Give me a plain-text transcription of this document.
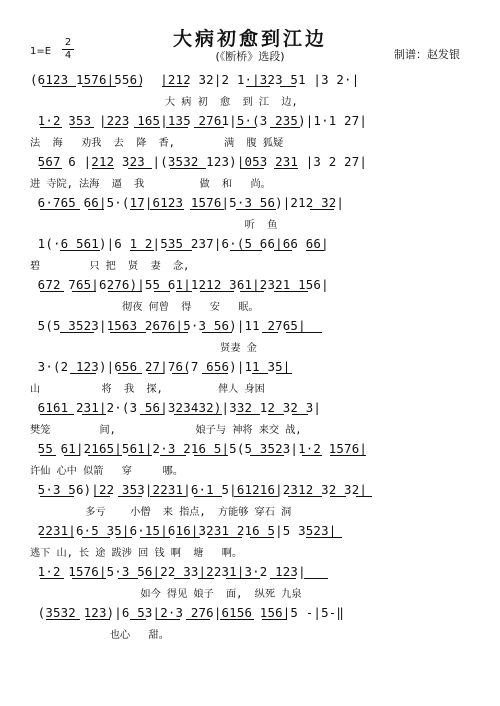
大病初愈到江边
(《断桥》选段)
1=E
2
4	制谱：赵发银
(6123 1576|556)  |212 32|2 1·|323 51 |3 2·|
大 病 初  愈  到 江  边,
1·2 353 |223 165|135 2761|5·(3 235)|1·1 27|
法  海   劝我  去  降  香,        满  腹 狐疑
567 6 |212 323 |(3532 123)|053 231 |3 2 27|
进 寺院, 法海  逼  我         做  和   尚。
6·765 66|5·(17|6123 1576|5·3 56)|212 32|
听  鱼
1(·6 561)|6 1 2|535 237|6·(5 66|66 66|
碧        只 把  贤  妻  念,
672 765|6276)|55 61|1212 361|2321 156|
彻夜 何曾  得   安   眠。
5(5 3523|1563 2676|5·3 56)|11 2765|
贤妻 金
3·(2 123)|656 27|76(7 656)|11 35|
山          将  我  探,         俾人 身困
6161 231|2·(3 56|323432)|332 12 32 3|
樊笼        间,             娘子与 神将 来交 战,
55 61|2165|561|2·3 216 5|5(5 3523|1·2 1576|
许仙 心中 似箭   穿     哪。
5·3 56)|22 353|2231|6·1 5|61216|2312 32 32|
多亏    小僧  来 指点,  方能够 穿石 洞
2231|6·5 35|6·15|616|3231 216 5|5 3523|
逃下 山, 长 途 跋涉 回 钱 啊  塘   啊。
1·2 1576|5·3 56|22 33|2231|3·2 123|
如今 得见 娘子  面,  纵死 九泉
(3532 123)|6 53|2·3 276|6156 156|5 -|5-‖
也心   甜。
